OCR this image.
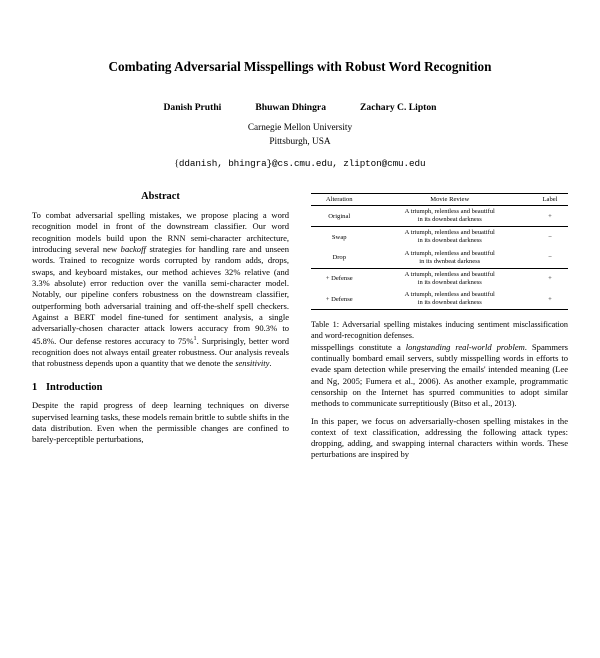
Combating Adversarial Misspellings with Robust Word Recognition
Danish Pruthi	Bhuwan Dhingra	Zachary C. Lipton
Carnegie Mellon University
Pittsburgh, USA
{ddanish, bhingra}@cs.cmu.edu, zlipton@cmu.edu
Abstract

To combat adversarial spelling mistakes, we propose placing a word recognition model in front of the downstream classifier. Our word recognition models build upon the RNN semi-character architecture, introducing several new backoff strategies for handling rare and unseen words. Trained to recognize words corrupted by random adds, drops, swaps, and keyboard mistakes, our method achieves 32% relative (and 3.3% absolute) error reduction over the vanilla semi-character model. Notably, our pipeline confers robustness on the downstream classifier, outperforming both adversarial training and off-the-shelf spell checkers. Against a BERT model fine-tuned for sentiment analysis, a single adversarially-chosen character attack lowers accuracy from 90.3% to 45.8%. Our defense restores accuracy to 75%$^1$. Surprisingly, better word recognition does not always entail greater robustness. Our analysis reveals that robustness depends upon a quantity that we denote the sensitivity.

1 Introduction

Despite the rapid progress of deep learning techniques on diverse supervised learning tasks, these models remain brittle to subtle shifts in the data distribution. Even when the permissible changes are confined to barely-perceptible perturbations,

Alteration	Movie Review	Label
Original	A triumph, relentless and beautiful
in its downbeat darkness	+
Swap	A triumph, relentless and beuatiful
in its downbeat darkness	−
Drop	A triumph, relentless and beautiful
in its dwnbeat darkness	−
+ Defense	A triumph, relentless and beautiful
in its downbeat darkness	+
+ Defense	A triumph, relentless and beautiful
in its downbeat darkness	+
Table 1: Adversarial spelling mistakes inducing sentiment misclassification and word-recognition defenses.

misspellings constitute a longstanding real-world problem. Spammers continually bombard email servers, subtly misspelling words in efforts to evade spam detection while preserving the emails' intended meaning (Lee and Ng, 2005; Fumera et al., 2006). As another example, programmatic censorship on the Internet has spurred communities to adopt similar methods to communicate surreptitiously (Bitso et al., 2013).

In this paper, we focus on adversarially-chosen spelling mistakes in the context of text classification, addressing the following attack types: dropping, adding, and swapping internal characters within words. These perturbations are inspired by
